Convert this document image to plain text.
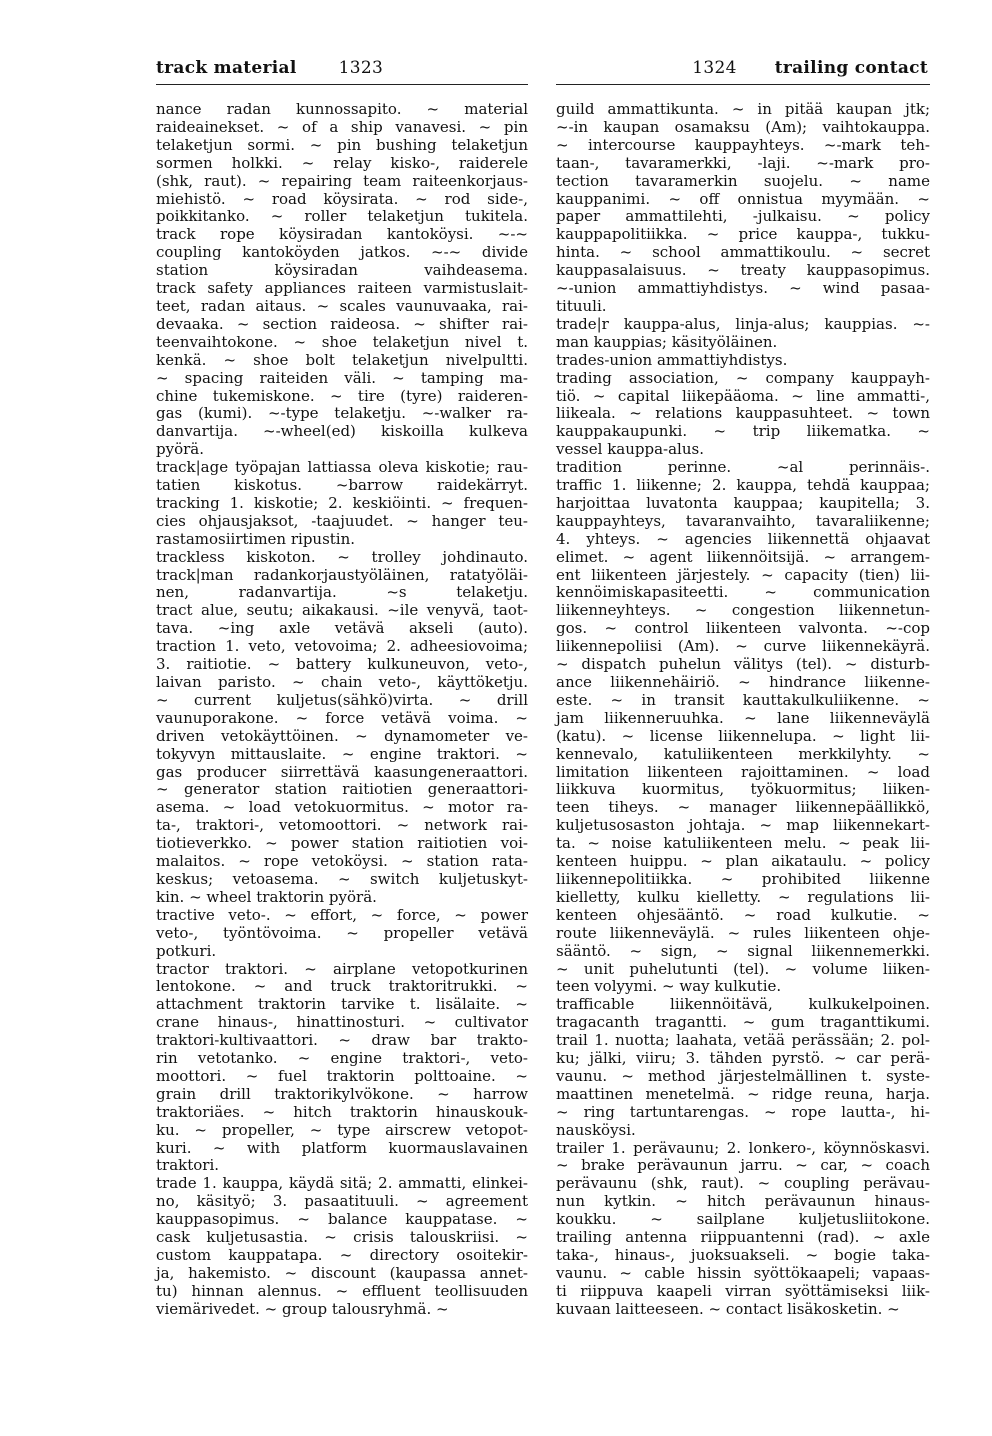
track material 1323	1324 trailing contact
nance radan kunnossapito. ~ material
raideainekset. ~ of a ship vanavesi. ~ pin
telaketjun sormi. ~ pin bushing telaketjun
sormen holkki. ~ relay kisko-, raiderele
(shk, raut). ~ repairing team raiteenkorjaus-
miehistö. ~ road köysirata. ~ rod side-,
poikkitanko. ~ roller telaketjun tukitela.
track rope köysiradan kantoköysi. ~-~
coupling kantoköyden jatkos. ~-~ divide
station köysiradan vaihdeasema.
track safety appliances raiteen varmistuslait-
teet, radan aitaus. ~ scales vaunuvaaka, rai-
devaaka. ~ section raideosa. ~ shifter rai-
teenvaihtokone. ~ shoe telaketjun nivel t.
kenkä. ~ shoe bolt telaketjun nivelpultti.
~ spacing raiteiden väli. ~ tamping ma-
chine tukemiskone. ~ tire (tyre) raideren-
gas (kumi). ~-type telaketju. ~-walker ra-
danvartija. ~-wheel(ed) kiskoilla kulkeva
pyörä.
track|age työpajan lattiassa oleva kiskotie; rau-
tatien kiskotus. ~barrow raidekärryt.
tracking 1. kiskotie; 2. keskiöinti. ~ frequen-
cies ohjausjaksot, -taajuudet. ~ hanger teu-
rastamosiirtimen ripustin.
trackless kiskoton. ~ trolley johdinauto.
track|man radankorjaustyöläinen, ratatyöläi-
nen, radanvartija. ~s telaketju.
tract alue, seutu; aikakausi. ~ile venyvä, taot-
tava. ~ing axle vetävä akseli (auto).
traction 1. veto, vetovoima; 2. adheesiovoima;
3. raitiotie. ~ battery kulkuneuvon, veto-,
laivan paristo. ~ chain veto-, käyttöketju.
~ current kuljetus(sähkö)virta. ~ drill
vaunuporakone. ~ force vetävä voima. ~
driven vetokäyttöinen. ~ dynamometer ve-
tokyvyn mittauslaite. ~ engine traktori. ~
gas producer siirrettävä kaasungeneraattori.
~ generator station raitiotien generaattori-
asema. ~ load vetokuormitus. ~ motor ra-
ta-, traktori-, vetomoottori. ~ network rai-
tiotieverkko. ~ power station raitiotien voi-
malaitos. ~ rope vetoköysi. ~ station rata-
keskus; vetoasema. ~ switch kuljetuskyt-
kin. ~ wheel traktorin pyörä.
tractive veto-. ~ effort, ~ force, ~ power
veto-, työntövoima. ~ propeller vetävä
potkuri.
tractor traktori. ~ airplane vetopotkurinen
lentokone. ~ and truck traktoritrukki. ~
attachment traktorin tarvike t. lisälaite. ~
crane hinaus-, hinattinosturi. ~ cultivator
traktori-kultivaattori. ~ draw bar trakto-
rin vetotanko. ~ engine traktori-, veto-
moottori. ~ fuel traktorin polttoaine. ~
grain drill traktorikylvökone. ~ harrow
traktoriäes. ~ hitch traktorin hinauskouk-
ku. ~ propeller, ~ type airscrew vetopot-
kuri. ~ with platform kuormauslavainen
traktori.
trade 1. kauppa, käydä sitä; 2. ammatti, elinkei-
no, käsityö; 3. pasaatituuli. ~ agreement
kauppasopimus. ~ balance kauppatase. ~
cask kuljetusastia. ~ crisis talouskriisi. ~
custom kauppatapa. ~ directory osoitekir-
ja, hakemisto. ~ discount (kaupassa annet-
tu) hinnan alennus. ~ effluent teollisuuden
viemärivedet. ~ group talousryhmä. ~
guild ammattikunta. ~ in pitää kaupan jtk;
~-in kaupan osamaksu (Am); vaihtokauppa.
~ intercourse kauppayhteys. ~-mark teh-
taan-, tavaramerkki, -laji. ~-mark pro-
tection tavaramerkin suojelu. ~ name
kauppanimi. ~ off onnistua myymään. ~
paper ammattilehti, -julkaisu. ~ policy
kauppapolitiikka. ~ price kauppa-, tukku-
hinta. ~ school ammattikoulu. ~ secret
kauppasalaisuus. ~ treaty kauppasopimus.
~-union ammattiyhdistys. ~ wind pasaa-
tituuli.
trade|r kauppa-alus, linja-alus; kauppias. ~-
man kauppias; käsityöläinen.
trades-union ammattiyhdistys.
trading association, ~ company kauppayh-
tiö. ~ capital liikepääoma. ~ line ammatti-,
liikeala. ~ relations kauppasuhteet. ~ town
kauppakaupunki. ~ trip liikematka. ~
vessel kauppa-alus.
tradition perinne. ~al perinnäis-.
traffic 1. liikenne; 2. kauppa, tehdä kauppaa;
harjoittaa luvatonta kauppaa; kaupitella; 3.
kauppayhteys, tavaranvaihto, tavaraliikenne;
4. yhteys. ~ agencies liikennettä ohjaavat
elimet. ~ agent liikennöitsijä. ~ arrangem-
ent liikenteen järjestely. ~ capacity (tien) lii-
kennöimiskapasiteetti. ~ communication
liikenneyhteys. ~ congestion liikennetun-
gos. ~ control liikenteen valvonta. ~-cop
liikennepoliisi (Am). ~ curve liikennekäyrä.
~ dispatch puhelun välitys (tel). ~ disturb-
ance liikennehäiriö. ~ hindrance liikenne-
este. ~ in transit kauttakulkuliikenne. ~
jam liikenneruuhka. ~ lane liikenneväylä
(katu). ~ license liikennelupa. ~ light lii-
kennevalo, katuliikenteen merkkilyhty. ~
limitation liikenteen rajoittaminen. ~ load
liikkuva kuormitus, työkuormitus; liiken-
teen tiheys. ~ manager liikennepäällikkö,
kuljetusosaston johtaja. ~ map liikennekart-
ta. ~ noise katuliikenteen melu. ~ peak lii-
kenteen huippu. ~ plan aikataulu. ~ policy
liikennepolitiikka. ~ prohibited liikenne
kielletty, kulku kielletty. ~ regulations lii-
kenteen ohjesääntö. ~ road kulkutie. ~
route liikenneväylä. ~ rules liikenteen ohje-
sääntö. ~ sign, ~ signal liikennemerkki.
~ unit puhelutunti (tel). ~ volume liiken-
teen volyymi. ~ way kulkutie.
trafficable liikennöitävä, kulkukelpoinen.
tragacanth tragantti. ~ gum traganttikumi.
trail 1. nuotta; laahata, vetää perässään; 2. pol-
ku; jälki, viiru; 3. tähden pyrstö. ~ car perä-
vaunu. ~ method järjestelmällinen t. syste-
maattinen menetelmä. ~ ridge reuna, harja.
~ ring tartuntarengas. ~ rope lautta-, hi-
nausköysi.
trailer 1. perävaunu; 2. lonkero-, köynnöskasvi.
~ brake perävaunun jarru. ~ car, ~ coach
perävaunu (shk, raut). ~ coupling perävau-
nun kytkin. ~ hitch perävaunun hinaus-
koukku. ~ sailplane kuljetusliitokone.
trailing antenna riippuantenni (rad). ~ axle
taka-, hinaus-, juoksuakseli. ~ bogie taka-
vaunu. ~ cable hissin syöttökaapeli; vapaas-
ti riippuva kaapeli virran syöttämiseksi liik-
kuvaan laitteeseen. ~ contact lisäkosketin. ~
